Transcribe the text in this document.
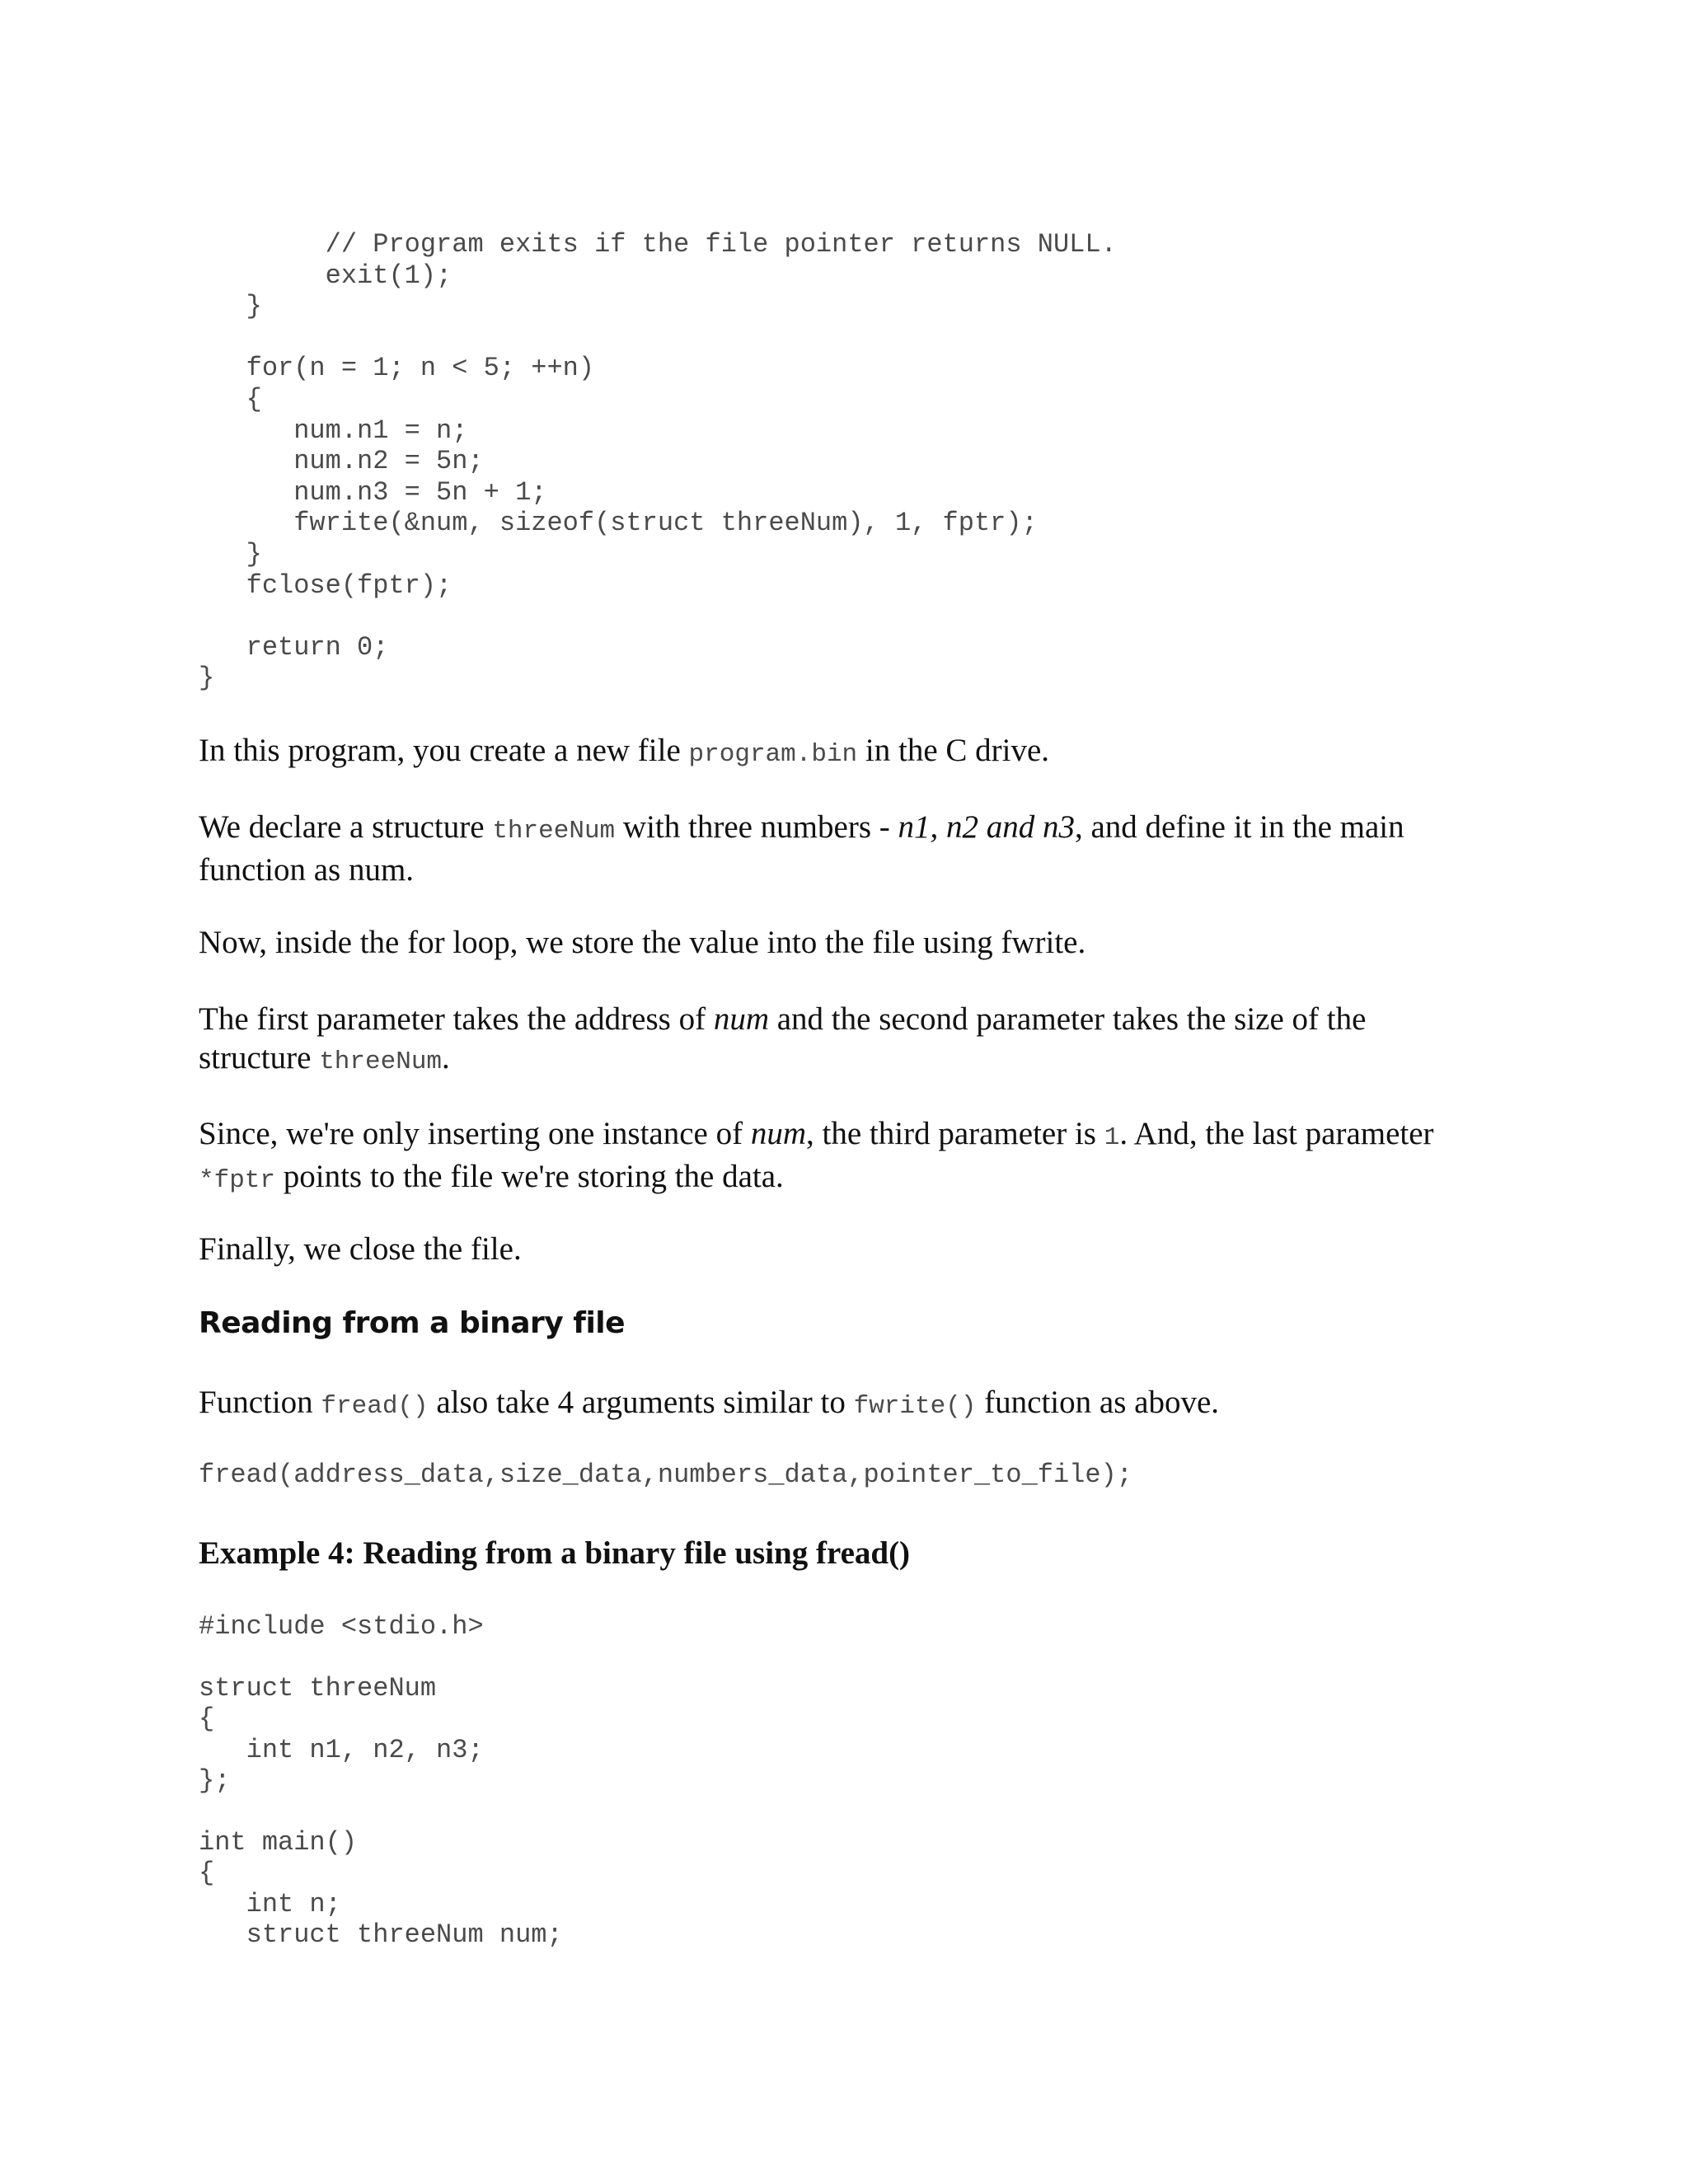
// Program exits if the file pointer returns NULL.
exit(1);
}

for(n = 1; n < 5; ++n)
{
num.n1 = n;
num.n2 = 5n;
num.n3 = 5n + 1;
fwrite(&num, sizeof(struct threeNum), 1, fptr);
}
fclose(fptr);

return 0;
}

In this program, you create a new file program.bin in the C drive.

We declare a structure threeNum with three numbers - n1, n2 and n3, and define it in the main
function as num.

Now, inside the for loop, we store the value into the file using fwrite.

The first parameter takes the address of num and the second parameter takes the size of the
structure threeNum.

Since, we're only inserting one instance of num, the third parameter is 1. And, the last parameter
*fptr points to the file we're storing the data.

Finally, we close the file.

Reading from a binary file

Function fread() also take 4 arguments similar to fwrite() function as above.

fread(address_data,size_data,numbers_data,pointer_to_file);
Example 4: Reading from a binary file using fread()
#include <stdio.h>

struct threeNum
{
int n1, n2, n3;
};

int main()
{
int n;
struct threeNum num;
